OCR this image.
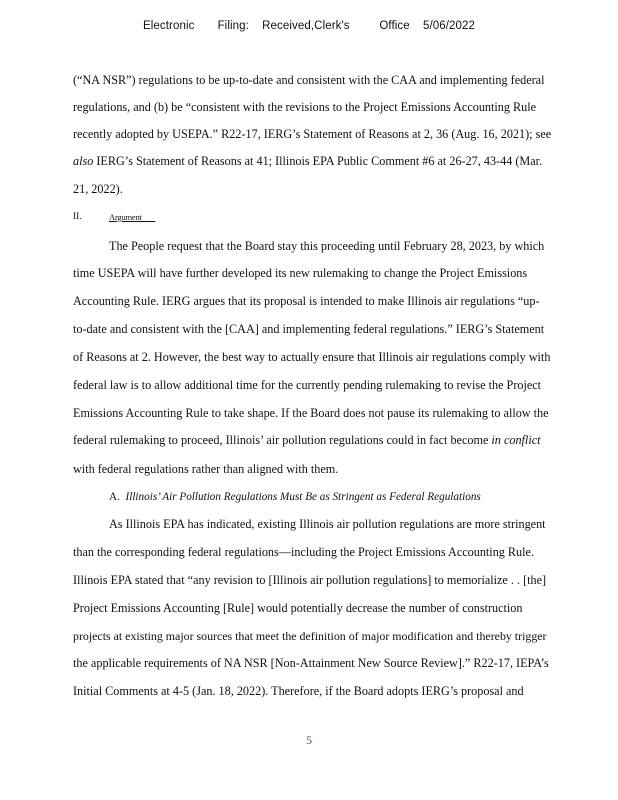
Electronic Filing: Received,Clerk's	Office 5/06/2022
(“NA NSR”) regulations to be up-to-date and consistent with the CAA and implementing federal
regulations, and (b) be “consistent with the revisions to the Project Emissions Accounting Rule
recently adopted by USEPA.” R22-17, IERG’s Statement of Reasons at 2, 36 (Aug. 16, 2021); see
also IERG’s Statement of Reasons at 41; Illinois EPA Public Comment #6 at 26-27, 43-44 (Mar.
21, 2022).
II.	Argument
The People request that the Board stay this proceeding until February 28, 2023, by which
time USEPA will have further developed its new rulemaking to change the Project Emissions
Accounting Rule. IERG argues that its proposal is intended to make Illinois air regulations “up-
to-date and consistent with the [CAA] and implementing federal regulations.” IERG’s Statement
of Reasons at 2. However, the best way to actually ensure that Illinois air regulations comply with
federal law is to allow additional time for the currently pending rulemaking to revise the Project
Emissions Accounting Rule to take shape. If the Board does not pause its rulemaking to allow the
federal rulemaking to proceed, Illinois’ air pollution regulations could in fact become in conflict
with federal regulations rather than aligned with them.
A. Illinois’ Air Pollution Regulations Must Be as Stringent as Federal Regulations
As Illinois EPA has indicated, existing Illinois air pollution regulations are more stringent
than the corresponding federal regulations—including the Project Emissions Accounting Rule.
Illinois EPA stated that “any revision to [Illinois air pollution regulations] to memorialize . . [the]
Project Emissions Accounting [Rule] would potentially decrease the number of construction
projects at existing major sources that meet the definition of major modification and thereby trigger
the applicable requirements of NA NSR [Non-Attainment New Source Review].” R22-17, IEPA’s
Initial Comments at 4-5 (Jan. 18, 2022). Therefore, if the Board adopts IERG’s proposal and
5
